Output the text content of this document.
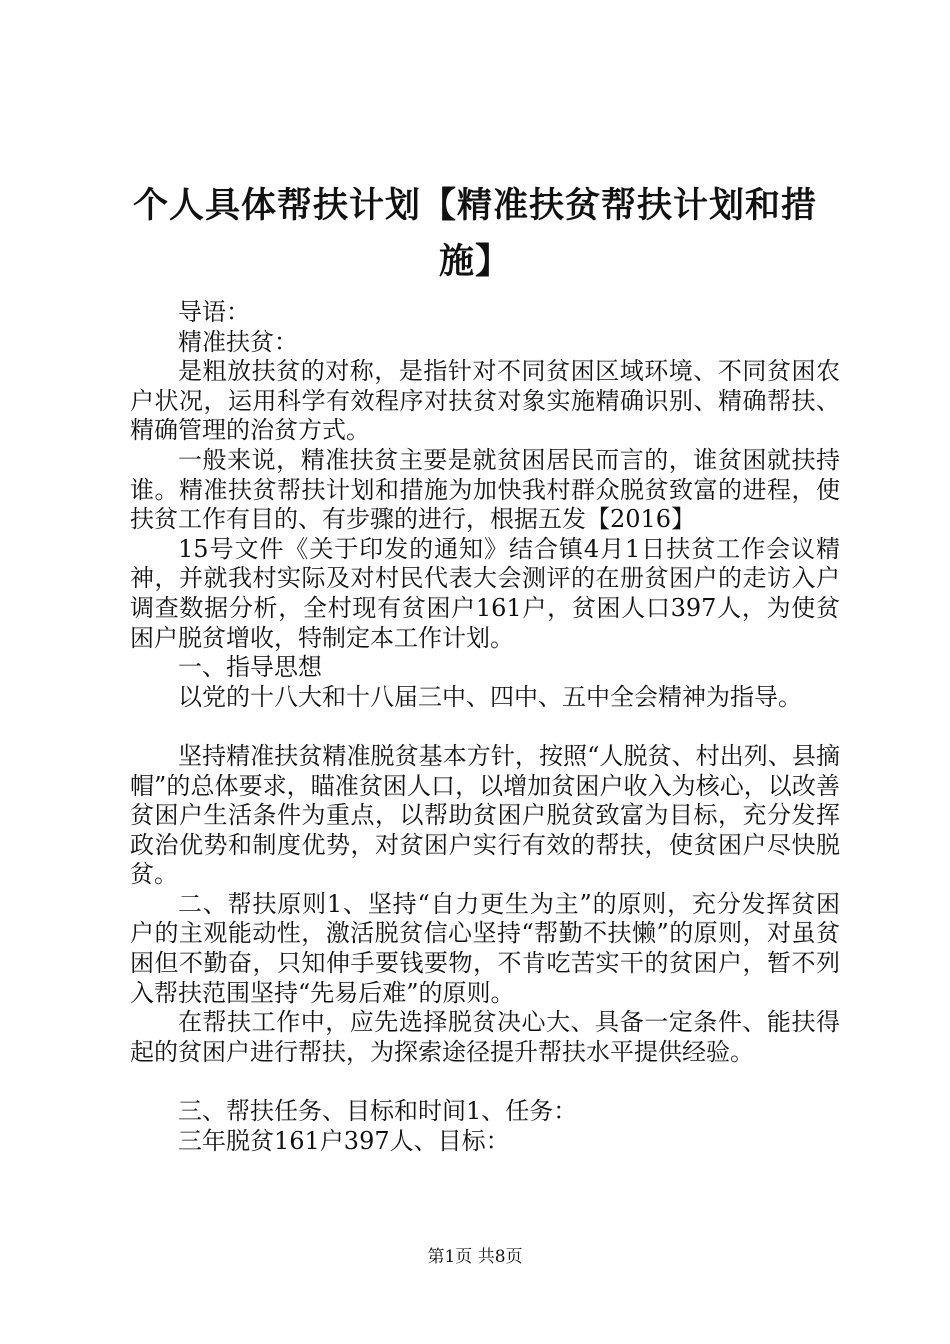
个人具体帮扶计划【精准扶贫帮扶计划和措施】

导语：

精准扶贫：

是粗放扶贫的对称，是指针对不同贫困区域环境、不同贫困农户状况，运用科学有效程序对扶贫对象实施精确识别、精确帮扶、精确管理的治贫方式。

一般来说，精准扶贫主要是就贫困居民而言的，谁贫困就扶持谁。精准扶贫帮扶计划和措施为加快我村群众脱贫致富的进程，使扶贫工作有目的、有步骤的进行，根据五发【2016】

15号文件《关于印发的通知》结合镇4月1日扶贫工作会议精神，并就我村实际及对村民代表大会测评的在册贫困户的走访入户调查数据分析，全村现有贫困户161户，贫困人口397人，为使贫困户脱贫增收，特制定本工作计划。

一、指导思想

以党的十八大和十八届三中、四中、五中全会精神为指导。

坚持精准扶贫精准脱贫基本方针，按照“人脱贫、村出列、县摘帽”的总体要求，瞄准贫困人口，以增加贫困户收入为核心，以改善贫困户生活条件为重点，以帮助贫困户脱贫致富为目标，充分发挥政治优势和制度优势，对贫困户实行有效的帮扶，使贫困户尽快脱贫。

二、帮扶原则1、坚持“自力更生为主”的原则，充分发挥贫困户的主观能动性，激活脱贫信心坚持“帮勤不扶懒”的原则，对虽贫困但不勤奋，只知伸手要钱要物，不肯吃苦实干的贫困户，暂不列入帮扶范围坚持“先易后难”的原则。

在帮扶工作中，应先选择脱贫决心大、具备一定条件、能扶得起的贫困户进行帮扶，为探索途径提升帮扶水平提供经验。

三、帮扶任务、目标和时间1、任务：

三年脱贫161户397人、目标：

第1页 共8页
